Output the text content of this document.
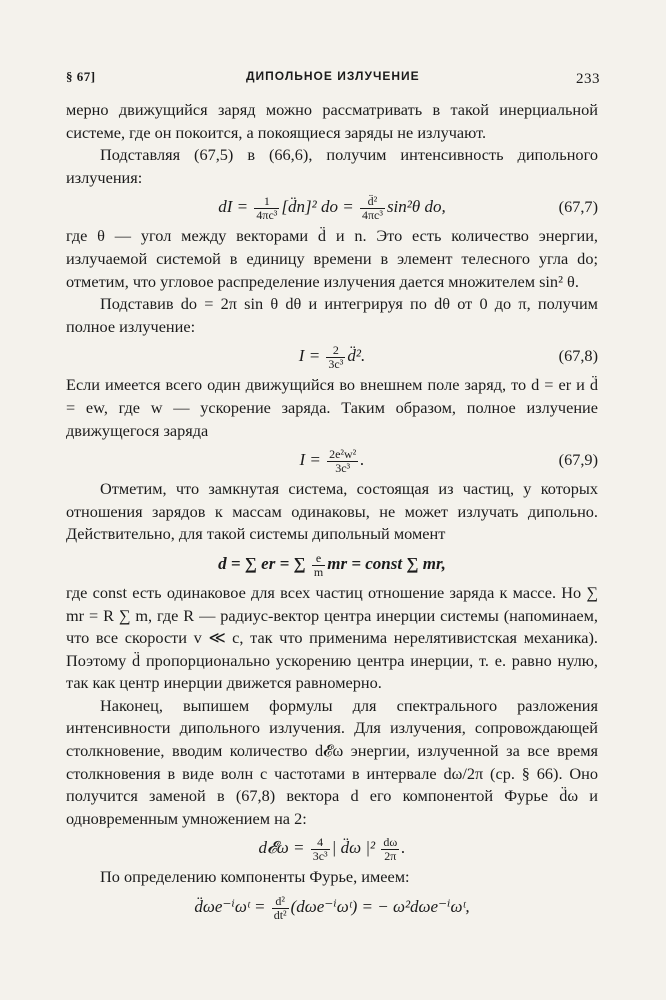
§ 67]	ДИПОЛЬНОЕ ИЗЛУЧЕНИЕ	233

мерно движущийся заряд можно рассматривать в такой инерциальной системе, где он покоится, а покоящиеся заряды не излучают.

Подставляя (67,5) в (66,6), получим интенсивность дипольного излучения:

dI = $\frac{1}{\text{4πc³}}$ [d̈n]² do = $\frac{\text{d̈²}}{\text{4πc³}} \sin^2\theta$ do,	(67,7)

где θ — угол между векторами d̈ и n. Это есть количество энергии, излучаемой системой в единицу времени в элемент телесного угла do; отметим, что угловое распределение излучения дается множителем sin² θ.

Подставив do = 2π sin θ dθ и интегрируя по dθ от 0 до π, получим полное излучение:

$I = \frac{2}{\text{3c³}}$ d̈².	(67,8)

Если имеется всего один движущийся во внешнем поле заряд, то d = er и d̈ = ew, где w — ускорение заряда. Таким образом, полное излучение движущегося заряда

$I = \frac{\text{2e²w²}}{\text{3c³}}$ .	(67,9)

Отметим, что замкнутая система, состоящая из частиц, у которых отношения зарядов к массам одинаковы, не может излучать дипольно. Действительно, для такой системы дипольный момент

d = ∑ er = ∑ $\frac{e}{m}$ mr = const ∑ mr,

где const есть одинаковое для всех частиц отношение заряда к массе. Но ∑ mr = R ∑ m, где R — радиус-вектор центра инерции системы (напоминаем, что все скорости v ≪ c, так что применима нерелятивистская механика). Поэтому d̈ пропорционально ускорению центра инерции, т. е. равно нулю, так как центр инерции движется равномерно.

Наконец, выпишем формулы для спектрального разложения интенсивности дипольного излучения. Для излучения, сопровождающей столкновение, вводим количество d𝓔ω энергии, излученной за все время столкновения в виде волн с частотами в интервале dω/2π (ср. § 66). Оно получится заменой в (67,8) вектора d его компонентой Фурье d̈ω и одновременным умножением на 2:

d𝓔ω = $\frac{4}{\text{3c³}}$ | d̈ω $|^2 \frac{d\omega}{2\pi}$ .

По определению компоненты Фурье, имеем:

d̈ωe⁻ⁱωᵗ = $\frac{\text{d²}}{\text{dt²}}$ (dωe⁻ⁱωᵗ) = − ω²dωe⁻ⁱωᵗ,
